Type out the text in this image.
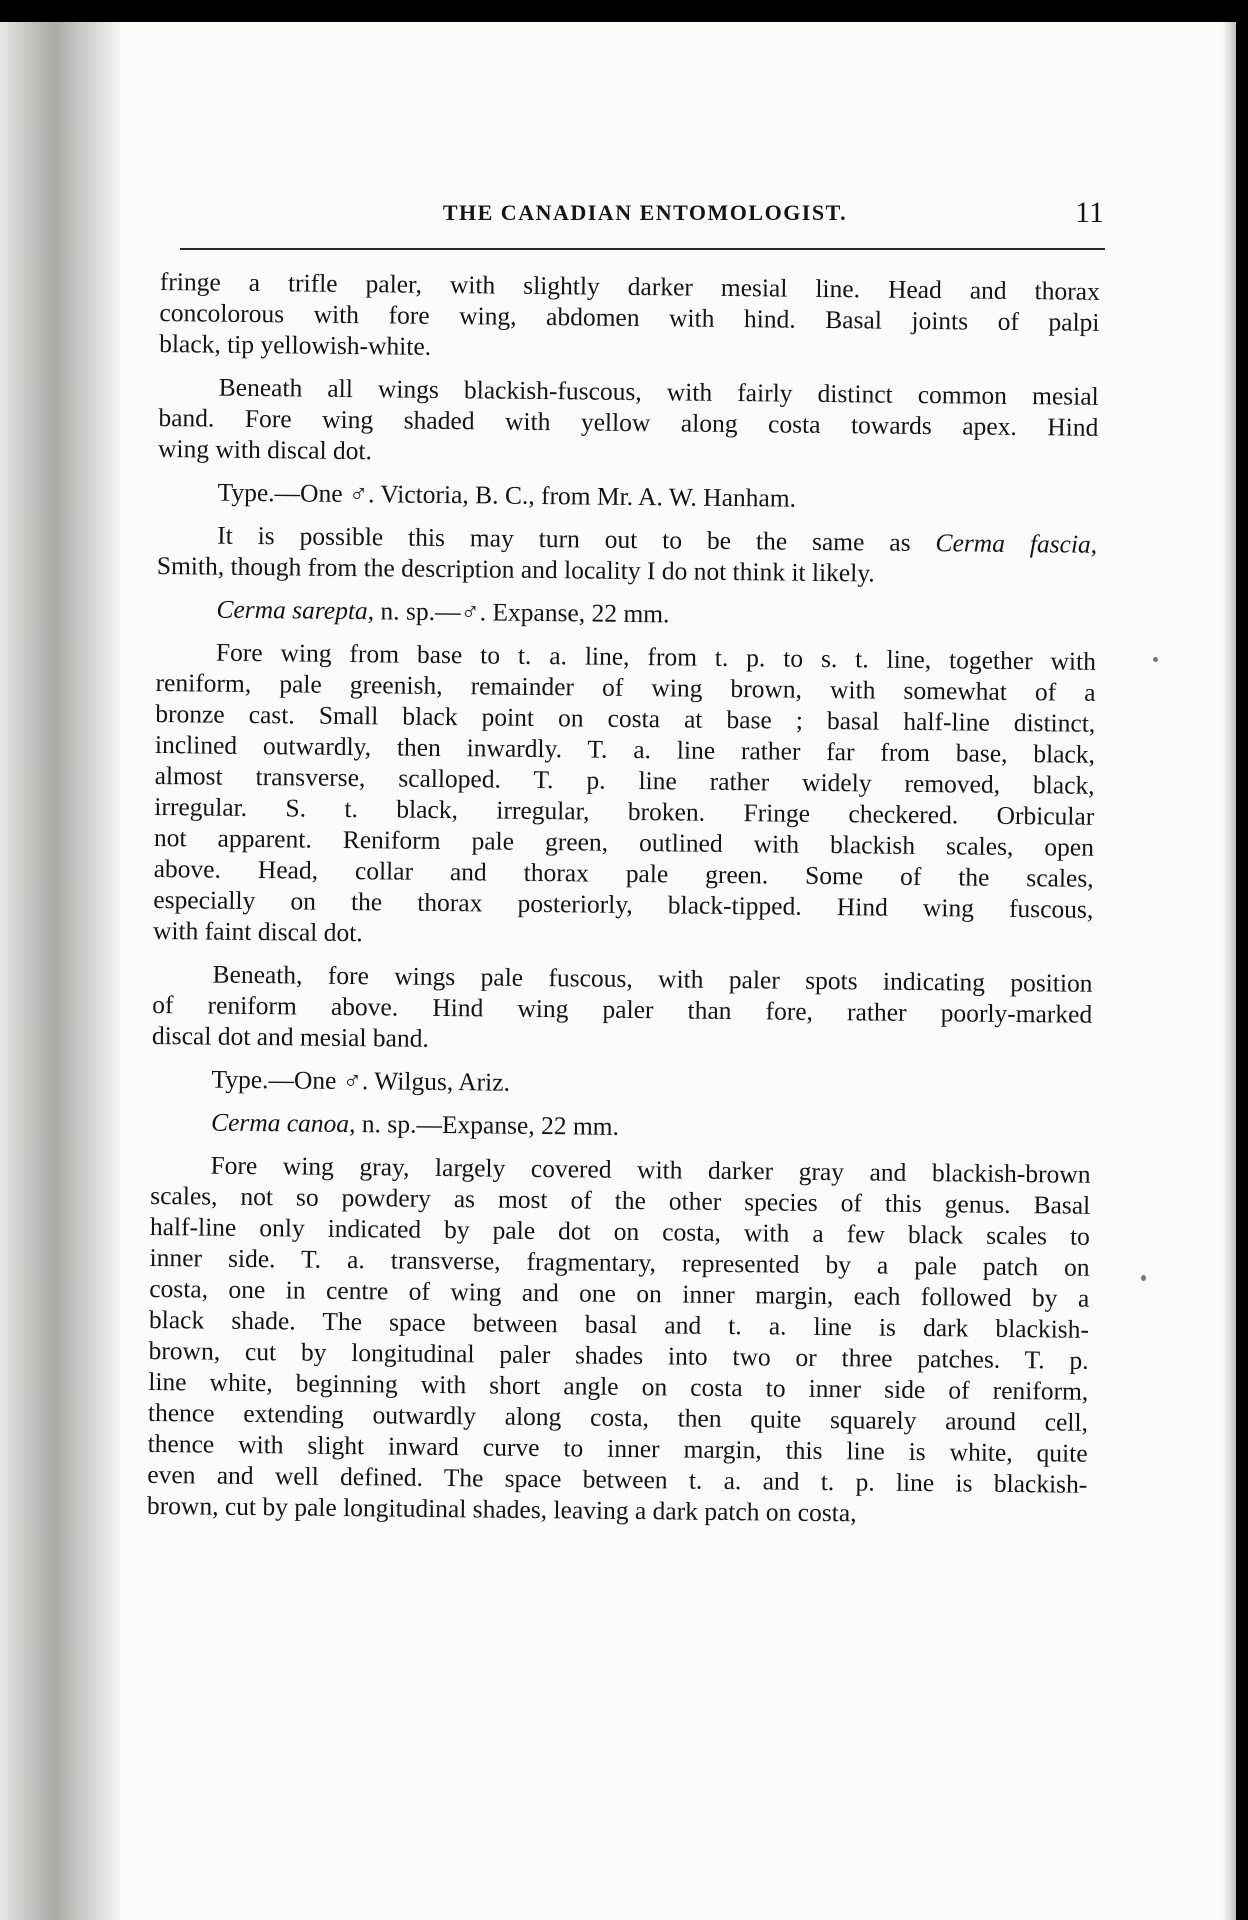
THE CANADIAN ENTOMOLOGIST.	11
fringe a trifle paler, with slightly darker mesial line. Head and thorax
concolorous with fore wing, abdomen with hind. Basal joints of palpi
black, tip yellowish-white.
Beneath all wings blackish-fuscous, with fairly distinct common mesial
band. Fore wing shaded with yellow along costa towards apex. Hind
wing with discal dot.
Type.—One ♂. Victoria, B. C., from Mr. A. W. Hanham.
It is possible this may turn out to be the same as Cerma fascia,
Smith, though from the description and locality I do not think it likely.
Cerma sarepta, n. sp.—♂. Expanse, 22 mm.
Fore wing from base to t. a. line, from t. p. to s. t. line, together with
reniform, pale greenish, remainder of wing brown, with somewhat of a
bronze cast. Small black point on costa at base ; basal half-line distinct,
inclined outwardly, then inwardly. T. a. line rather far from base, black,
almost transverse, scalloped. T. p. line rather widely removed, black,
irregular. S. t. black, irregular, broken. Fringe checkered. Orbicular
not apparent. Reniform pale green, outlined with blackish scales, open
above. Head, collar and thorax pale green. Some of the scales,
especially on the thorax posteriorly, black-tipped. Hind wing fuscous,
with faint discal dot.
Beneath, fore wings pale fuscous, with paler spots indicating position
of reniform above. Hind wing paler than fore, rather poorly-marked
discal dot and mesial band.
Type.—One ♂. Wilgus, Ariz.
Cerma canoa, n. sp.—Expanse, 22 mm.
Fore wing gray, largely covered with darker gray and blackish-brown
scales, not so powdery as most of the other species of this genus. Basal
half-line only indicated by pale dot on costa, with a few black scales to
inner side. T. a. transverse, fragmentary, represented by a pale patch on
costa, one in centre of wing and one on inner margin, each followed by a
black shade. The space between basal and t. a. line is dark blackish-
brown, cut by longitudinal paler shades into two or three patches. T. p.
line white, beginning with short angle on costa to inner side of reniform,
thence extending outwardly along costa, then quite squarely around cell,
thence with slight inward curve to inner margin, this line is white, quite
even and well defined. The space between t. a. and t. p. line is blackish-
brown, cut by pale longitudinal shades, leaving a dark patch on costa,
